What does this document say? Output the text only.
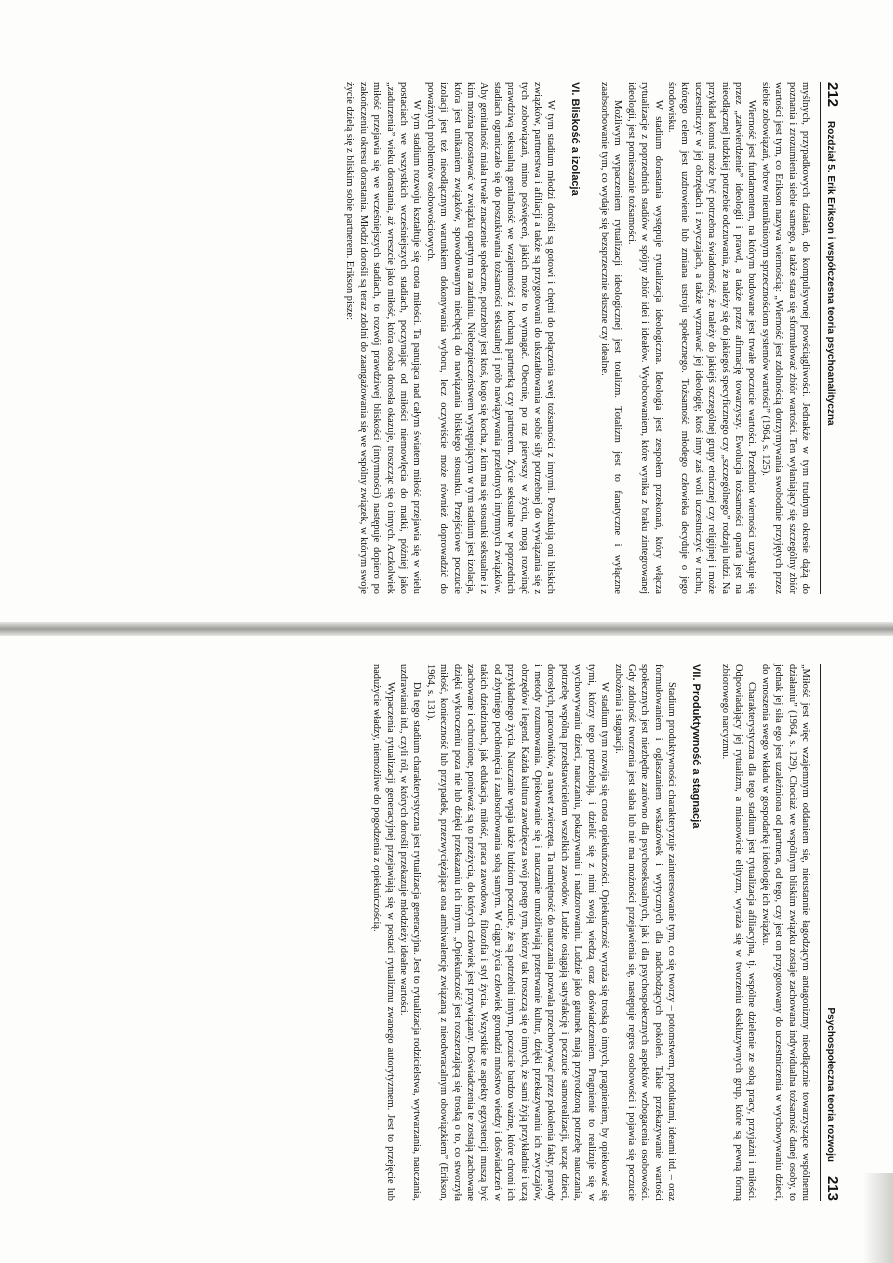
212
Rozdział 5. Erik Erikson i współczesna teoria psychoanalityczna

myślnych, przypadkowych działań, do kompulsywnej powściągliwości. Jednakże w tym trudnym okresie dążą do poznania i zrozumienia siebie samego, a także stara się sformułować zbiór wartości. Ten wyłaniający się szczególny zbiór wartości jest tym, co Erikson nazywa wiernością: „Wierność jest zdolnością dotrzymywania swobodnie przyjętych przez siebie zobowiązań, wbrew nieuniknionym sprzecznościom systemów wartości” (1964, s. 125).

Wierność jest fundamentem, na którym budowane jest trwałe poczucie wartości. Przedmiot wierności uzyskuje się przez „zatwierdzenie” ideologii i prawd, a także przez afirmację towarzyszy. Ewolucja tożsamości oparta jest na nieodłącznej ludzkiej potrzebie odczuwania, że należy się do jakiegoś specyficznego czy „szczególnego” rodzaju ludzi. Na przykład komuś może być potrzebna świadomość, że należy do jakiejś szczególnej grupy etnicznej czy religijnej i może uczestniczyć w jej obrzędach i zwyczajach, a także wyznawać jej ideologię; ktoś inny zaś woli uczestniczyć w ruchu, którego celem jest uzdrowienie lub zmiana ustroju społecznego. Tożsamość młodego człowieka decyduje o jego środowisku.

W stadium dorastania występuje rytualizacja ideologiczna. Ideologia jest zespołem przekonań, który włącza rytualizacje z poprzednich stadiów w spójny zbiór idei i ideałów. Wyobcowaniem, które wynika z braku zintegrowanej ideologii, jest pomieszanie tożsamości.

Możliwym wypaczeniem rytualizacji ideologicznej jest totalizm. Totalizm jest to fanatyczne i wyłączne zaabsorbowanie tym, co wydaje się bezsprzecznie słuszne czy idealne.

VI. Bliskość a izolacja

W tym stadium młodzi dorośli są gotowi i chętni do połączenia swej tożsamości z innymi. Poszukują oni bliskich związków, partnerstwa i afiliacji a także są przygotowani do ukształtowania w sobie siły potrzebnej do wywiązania się z tych zobowiązań, mimo poświęceń, jakich może to wymagać. Obecnie, po raz pierwszy w życiu, mogą rozwinąć prawdziwą seksualną genitalność we wzajemności z kochaną partnerką czy partnerem. Życie seksualne w poprzednich stadiach ograniczało się do poszukiwania tożsamości seksualnej i prób nawiązywania przelotnych intymnych związków. Aby genitalność miała trwałe znaczenie społeczne, potrzebny jest ktoś, kogo się kocha, z kim ma się stosunki seksualne i z kim można pozostawać w związku opartym na zaufaniu. Niebezpieczeństwem występującym w tym stadium jest izolacja, która jest unikaniem związków, spowodowanym niechęcią do nawiązania bliskiego stosunku. Przejściowe poczucie izolacji jest też nieodłącznym warunkiem dokonywania wyboru, lecz oczywiście może również doprowadzić do poważnych problemów osobowościowych.

W tym stadium rozwoju kształtuje się cnota miłości. Ta panująca nad całym światem miłość przejawia się w wielu postaciach we wszystkich wcześniejszych stadiach, poczynając od miłości niemowlęcia do matki, później jako „zadurzenia” wieku dorastania, aż wreszcie jako miłość, która osoba dorosła okazuje, troszcząc się o innych. Aczkolwiek miłość przejawia się we wcześniejszych stadiach, to rozwój prawdziwej bliskości (intymności) następuje dopiero po zakończeniu okresu dorastania. Młodzi dorośli są teraz zdolni do zaangażowania się we wspólny związek, w którym swoje życie dzielą się z bliskim sobie partnerem. Erikson pisze:

Psychospołeczna teoria rozwoju
213

„Miłość jest więc wzajemnym oddaniem się, nieustannie łagodzącym antagonizmy nieodłącznie towarzyszące wspólnemu działaniu” (1964, s. 129). Chociaż we wspólnym bliskim związku zostaje zachowana indywidualna tożsamość danej osoby, to jednak jej siła ego jest uzależniona od partnera, od tego, czy jest on przygotowany do uczestniczenia w wychowywaniu dzieci, do wnoszenia swego wkładu w gospodarkę i ideologię ich związku.

Charakterystyczna dla tego stadium jest rytualizacja afiliacyjna, tj. wspólne dzielenie ze sobą pracy, przyjaźni i miłości. Odpowiadający jej rytualizm, a mianowicie elityzm, wyraża się w tworzeniu ekskluzywnych grup, które są pewną formą zbiorowego narcyzmu.

VII. Produktywność a stagnacja

Stadium produktywności charakteryzuje zainteresowanie tym, co się tworzy – potomstwem, produktami, ideami itd. – oraz formułowaniem i oglaszaniem wskazówek i wytycznych dla nadchodzących pokoleń. Takie przekazywanie wartości społecznych jest niezbędne zarówno dla psychoseksualnych, jak i dla psychospołecznych aspektów wzbogacenia osobowości. Gdy zdolność tworzenia jest słaba lub nie ma możności przejawienia się, następuje regres osobowości i pojawia się poczucie zubożenia i stagnacji.

W stadium tym rozwija się cnota opiekuńczości. Opiekuńczość wyraża się troską o innych, pragnieniem, by opiekować się tymi, którzy tego potrzebują, i dzielić się z nimi swoją wiedzą oraz doświadczeniem. Pragnienie to realizuje się w wychowywaniu dzieci, nauczaniu, pokazywaniu i nadzorowaniu. Ludzie jako gatunek mają przyrodzoną potrzebę nauczania, potrzebę wspólną przedstawicielom wszelkich zawodów. Ludzie osiągają satysfakcję i poczucie samorealizacji, ucząc dzieci, dorosłych, pracowników, a nawet zwierzęta. Ta namiętność do nauczania pozwala przechowywać przez pokolenia fakty, prawdy i metody rozumowania. Opiekowanie się i nauczanie umożliwiają przetrwanie kultur, dzięki przekazywaniu ich zwyczajów, obrzędów i legend. Każda kultura zawdzięcza swój postęp tym, którzy tak troszczą się o innych, że sami żyją przykładnie i uczą przykładnego życia. Nauczanie wpaja także ludziom poczucie, że są potrzebni innym, poczucie bardzo ważne, które chroni ich od zbytniego pochłonięcia i zaabsorbowania sobą samym. W ciągu życia człowiek gromadzi mnóstwo wiedzy i doświadczeń w takich dziedzinach, jak edukacja, miłość, praca zawodowa, filozofia i styl życia. Wszystkie te aspekty egzystencji muszą być zachowane i ochronione, ponieważ są to przeżycia, do których człowiek jest przywiązany. Doświadczenia te zostają zachowane dzięki wykroczeniu poza nie lub dzięki przekazaniu ich innym. „Opiekuńczość jest rozszerzającą się troską o to, co stworzyła miłość, konieczność lub przypadek, przezwyciężająca ona ambiwalencję związaną z nieodwracalnym obowiązkiem” (Erikson, 1964, s. 131).

Dla tego stadium charakterystyczna jest rytualizacja generacyjna. Jest to rytualizacja rodzicielstwa, wytwarzania, nauczania, uzdrawiania itd., czyli ról, w których dorośli przekazuje młodzieży ideałne wartości.

Wypaczenia rytualizacji generacyjnej przejawiają się w postaci rytualizmu zwanego autorytyzmem. Jest to przejęcie lub nadużycie władzy, niemożliwe do pogodzenia z opiekuńczością.
